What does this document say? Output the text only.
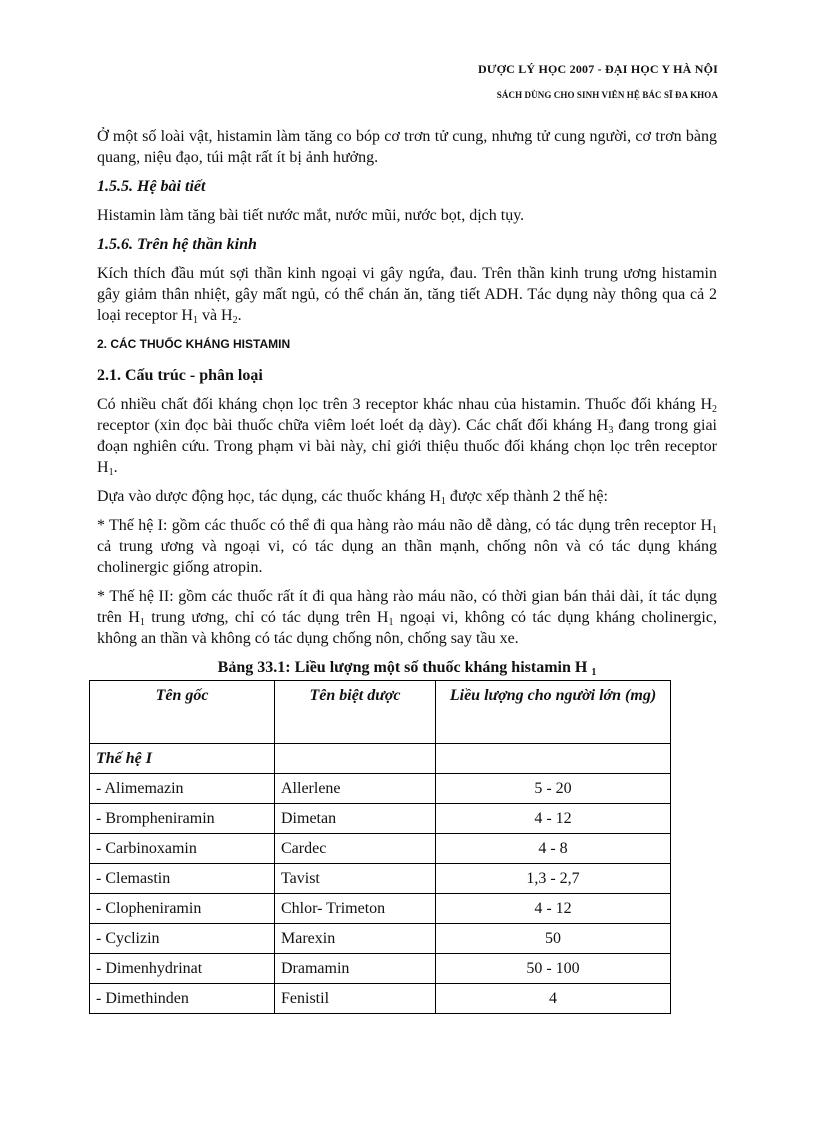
DƯỢC LÝ HỌC 2007 - ĐẠI HỌC Y HÀ NỘI
SÁCH DÙNG CHO SINH VIÊN HỆ BÁC SĨ ĐA KHOA

Ở một số loài vật, histamin làm tăng co bóp cơ trơn tử cung, nhưng tử cung người, cơ trơn bàng quang, niệu đạo, túi mật rất ít bị ảnh hưởng.

1.5.5. Hệ bài tiết

Histamin làm tăng bài tiết nước mắt, nước mũi, nước bọt, dịch tụy.

1.5.6. Trên hệ thần kinh

Kích thích đầu mút sợi thần kinh ngoại vi gây ngứa, đau. Trên thần kinh trung ương histamin gây giảm thân nhiệt, gây mất ngủ, có thể chán ăn, tăng tiết ADH. Tác dụng này thông qua cả 2 loại receptor $H_1$ và $H_2$.

2. CÁC THUỐC KHÁNG HISTAMIN
2.1. Cấu trúc - phân loại

Có nhiều chất đối kháng chọn lọc trên 3 receptor khác nhau của histamin. Thuốc đối kháng $H_2$ receptor (xin đọc bài thuốc chữa viêm loét loét dạ dày). Các chất đối kháng $H_3$ đang trong giai đoạn nghiên cứu. Trong phạm vi bài này, chỉ giới thiệu thuốc đối kháng chọn lọc trên receptor $H_1$.

Dựa vào dược động học, tác dụng, các thuốc kháng $H_1$ được xếp thành 2 thế hệ:

* Thế hệ I: gồm các thuốc có thể đi qua hàng rào máu não dễ dàng, có tác dụng trên receptor $H_1$ cả trung ương và ngoại vi, có tác dụng an thần mạnh, chống nôn và có tác dụng kháng cholinergic giống atropin.

* Thế hệ II: gồm các thuốc rất ít đi qua hàng rào máu não, có thời gian bán thải dài, ít tác dụng trên $H_1$ trung ương, chỉ có tác dụng trên $H_1$ ngoại vi, không có tác dụng kháng cholinergic, không an thần và không có tác dụng chống nôn, chống say tầu xe.

Bảng 33.1: Liều lượng một số thuốc kháng histamin H $_1$
Tên gốc	Tên biệt dược	Liều lượng cho người lớn (mg)
Thế hệ I		
- Alimemazin	Allerlene	5 - 20
- Brompheniramin	Dimetan	4 - 12
- Carbinoxamin	Cardec	4 - 8
- Clemastin	Tavist	1,3 - 2,7
- Clopheniramin	Chlor- Trimeton	4 - 12
- Cyclizin	Marexin	50
- Dimenhydrinat	Dramamin	50 - 100
- Dimethinden	Fenistil	4
